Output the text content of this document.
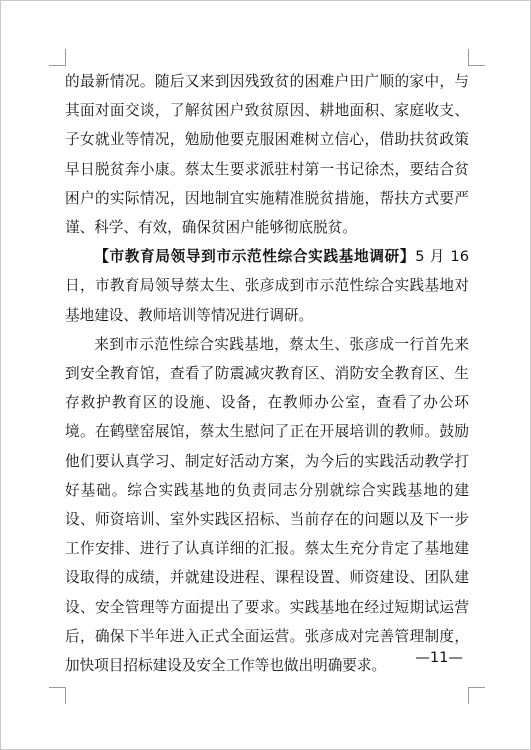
的最新情况。随后又来到因残致贫的困难户田广顺的家中，与其面对面交谈，了解贫困户致贫原因、耕地面积、家庭收支、子女就业等情况，勉励他要克服困难树立信心，借助扶贫政策早日脱贫奔小康。蔡太生要求派驻村第一书记徐杰，要结合贫困户的实际情况，因地制宜实施精准脱贫措施，帮扶方式要严谨、科学、有效，确保贫困户能够彻底脱贫。

【市教育局领导到市示范性综合实践基地调研】5 月 16 日，市教育局领导蔡太生、张彦成到市示范性综合实践基地对基地建设、教师培训等情况进行调研。

来到市示范性综合实践基地，蔡太生、张彦成一行首先来到安全教育馆，查看了防震减灾教育区、消防安全教育区、生存救护教育区的设施、设备，在教师办公室，查看了办公环境。在鹤壁窑展馆，蔡太生慰问了正在开展培训的教师。鼓励他们要认真学习、制定好活动方案，为今后的实践活动教学打好基础。综合实践基地的负责同志分别就综合实践基地的建设、师资培训、室外实践区招标、当前存在的问题以及下一步工作安排、进行了认真详细的汇报。蔡太生充分肯定了基地建设取得的成绩，并就建设进程、课程设置、师资建设、团队建设、安全管理等方面提出了要求。实践基地在经过短期试运营后，确保下半年进入正式全面运营。张彦成对完善管理制度，加快项目招标建设及安全工作等也做出明确要求。	—11—
